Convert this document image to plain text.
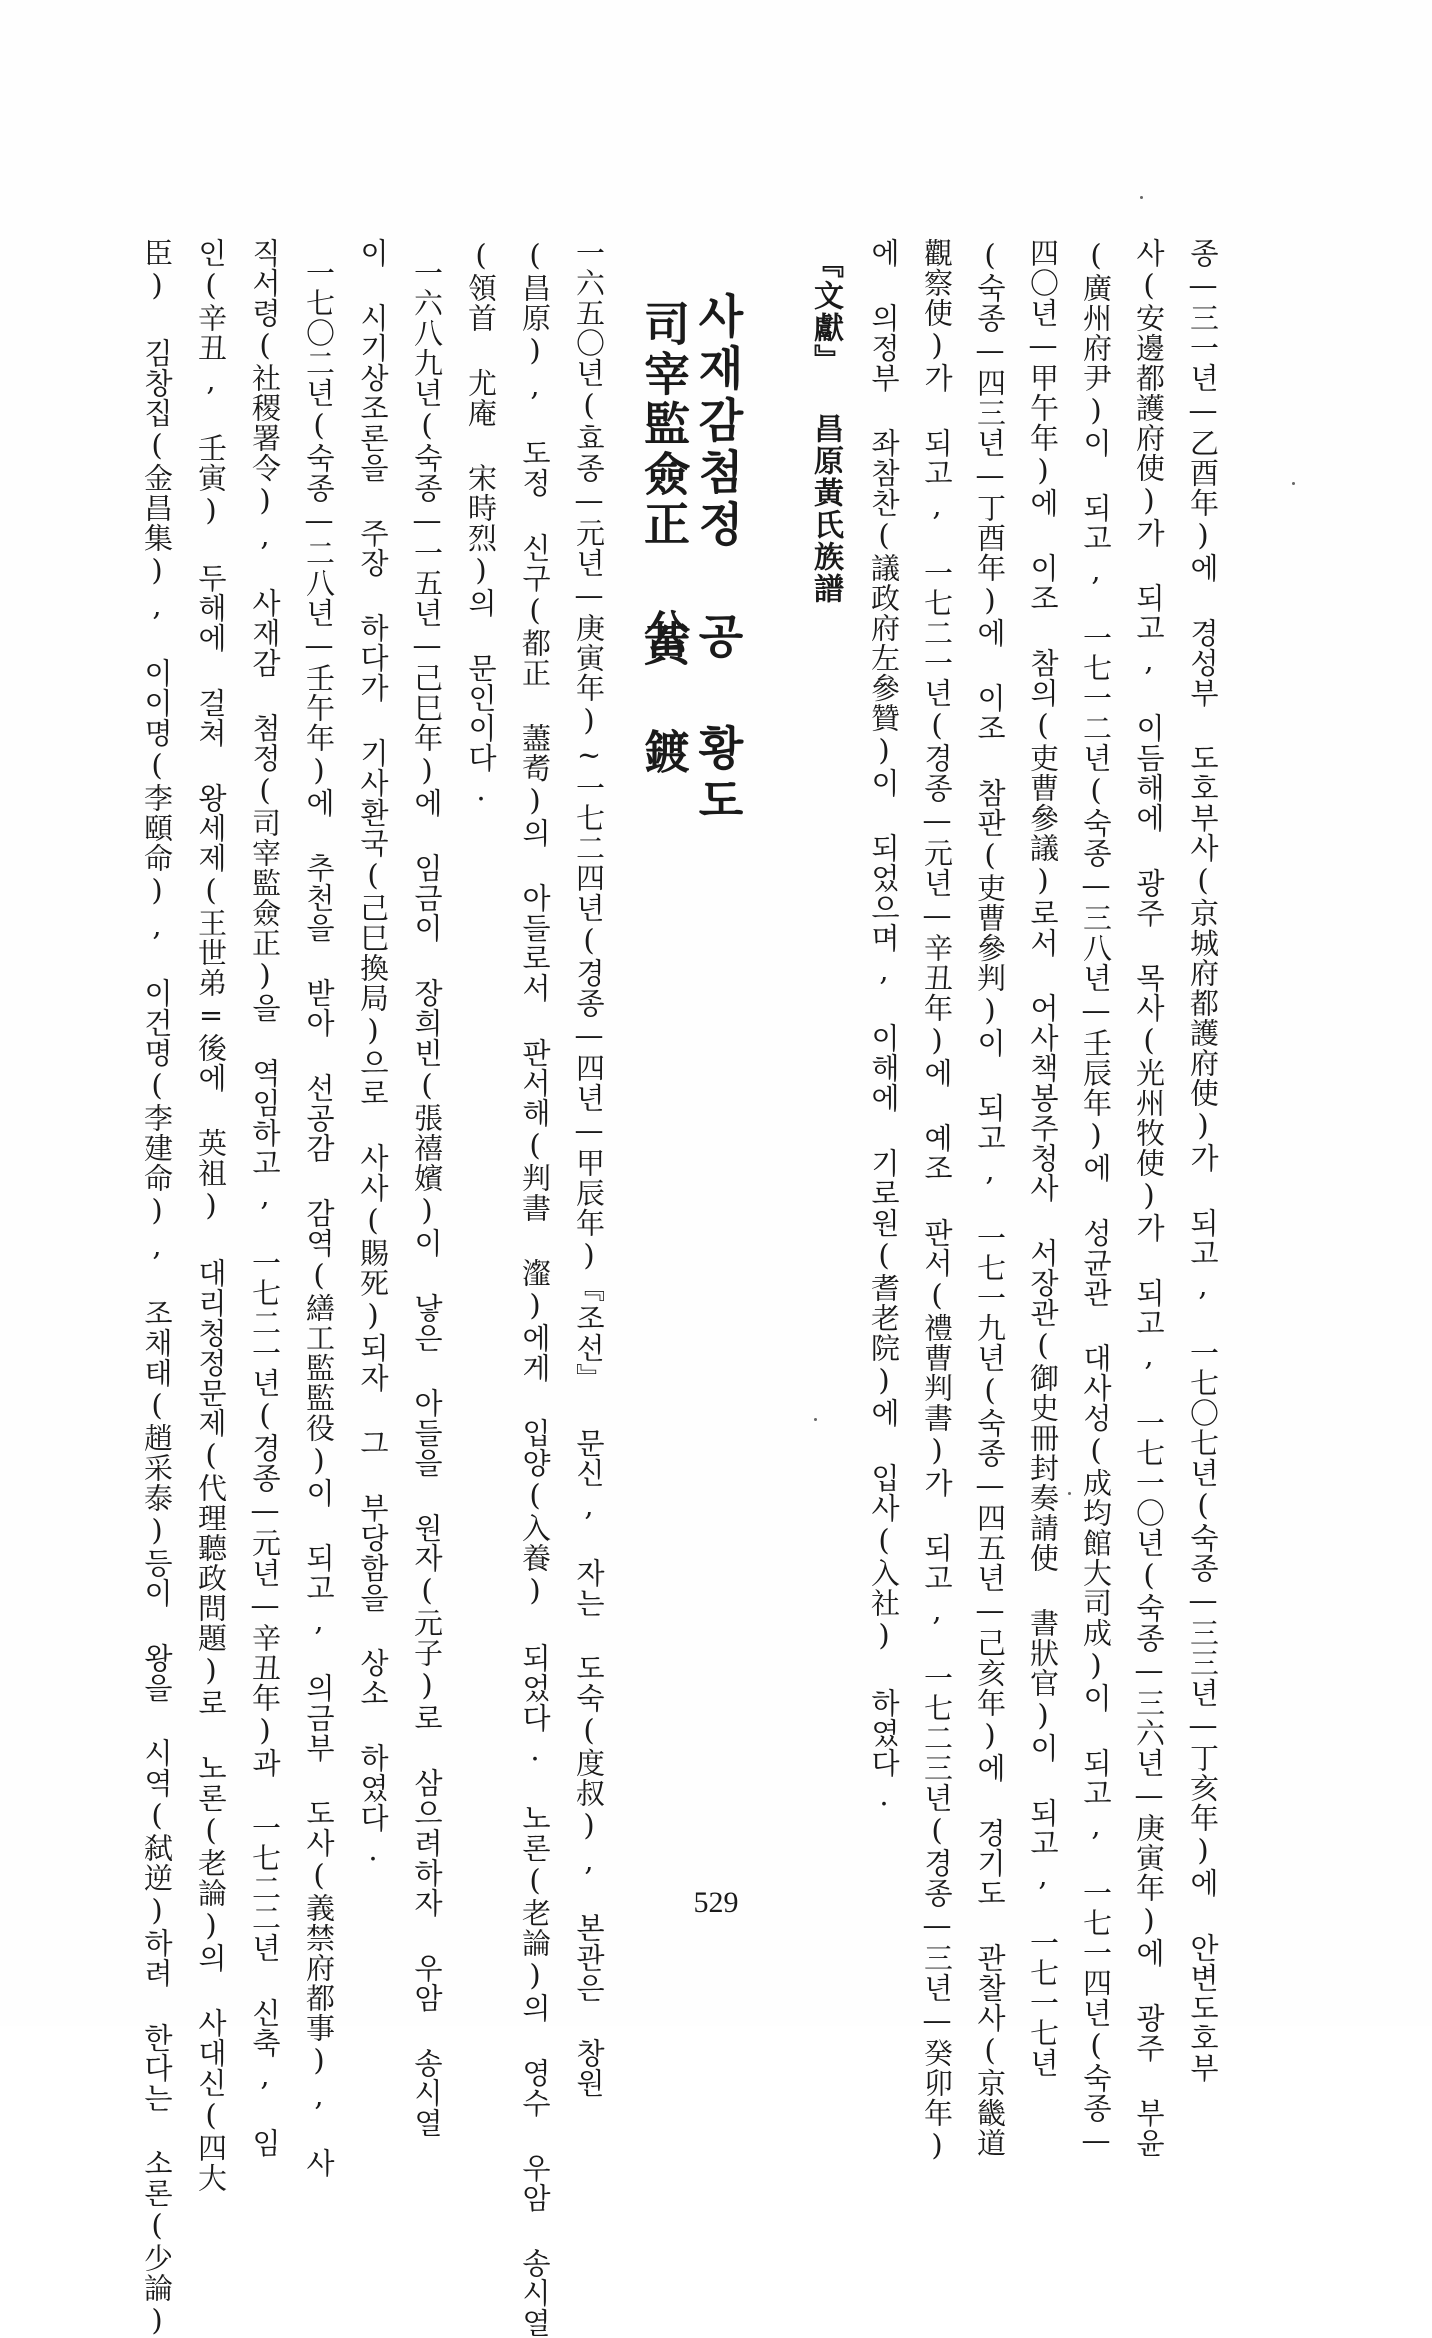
종—三一년—乙酉年)에 경성부 도호부사(京城府都護府使)가 되고, 一七〇七년(숙종—三三년—丁亥年)에 안변도호부
사(安邊都護府使)가 되고, 이듬해에 광주 목사(光州牧使)가 되고, 一七一〇년(숙종—三六년—庚寅年)에 광주 부윤
(廣州府尹)이 되고, 一七一二년(숙종—三八년—壬辰年)에 성균관 대사성(成均館大司成)이 되고, 一七一四년(숙종—
四〇년—甲午年)에 이조 참의(吏曹參議)로서 어사책봉주청사 서장관(御史冊封奏請使 書狀官)이 되고, 一七一七년
(숙종—四三년—丁酉年)에 이조 참판(吏曹參判)이 되고, 一七一九년(숙종—四五년—己亥年)에 경기도 관찰사(京畿道
觀察使)가 되고, 一七二一년(경종—元년—辛丑年)에 예조 판서(禮曹判書)가 되고, 一七二三년(경종—三년—癸卯年)
에 의정부 좌참찬(議政府左參贊)이 되었으며, 이해에 기로원(耆老院)에 입사(入社) 하였다.
『文獻』 昌原黃氏族譜
사재감첨정 공 황도
司宰監僉正 公
黃 鍍
一六五〇년(효종—元년—庚寅年)~一七二四년(경종—四년—甲辰年)『조선』 문신, 자는 도숙(度叔), 본관은 창원
(昌原), 도정 신구(都正 藎耉)의 아들로서 판서해(判書 瀣)에게 입양(入養) 되었다. 노론(老論)의 영수 우암 송시열
(領首 尤庵 宋時烈)의 문인이다.
一六八九년(숙종—一五년—己巳年)에 임금이 장희빈(張禧嬪)이 낳은 아들을 원자(元子)로 삼으려하자 우암 송시열
이 시기상조론을 주장 하다가 기사환국(己巳換局)으로 사사(賜死)되자 그 부당함을 상소 하였다.
一七〇二년(숙종—二八년—壬午年)에 추천을 받아 선공감 감역(繕工監監役)이 되고, 의금부 도사(義禁府都事), 사
직서령(社稷署令), 사재감 첨정(司宰監僉正)을 역임하고, 一七二一년(경종—元년—辛丑年)과 一七二二년 신축, 임
인(辛丑, 壬寅) 두해에 걸쳐 왕세제(王世弟=後에 英祖) 대리청정문제(代理聽政問題)로 노론(老論)의 사대신(四大
臣) 김창집(金昌集), 이이명(李頤命), 이건명(李建命), 조채태(趙采泰)등이 왕을 시역(弑逆)하려 한다는 소론(少論)	529
